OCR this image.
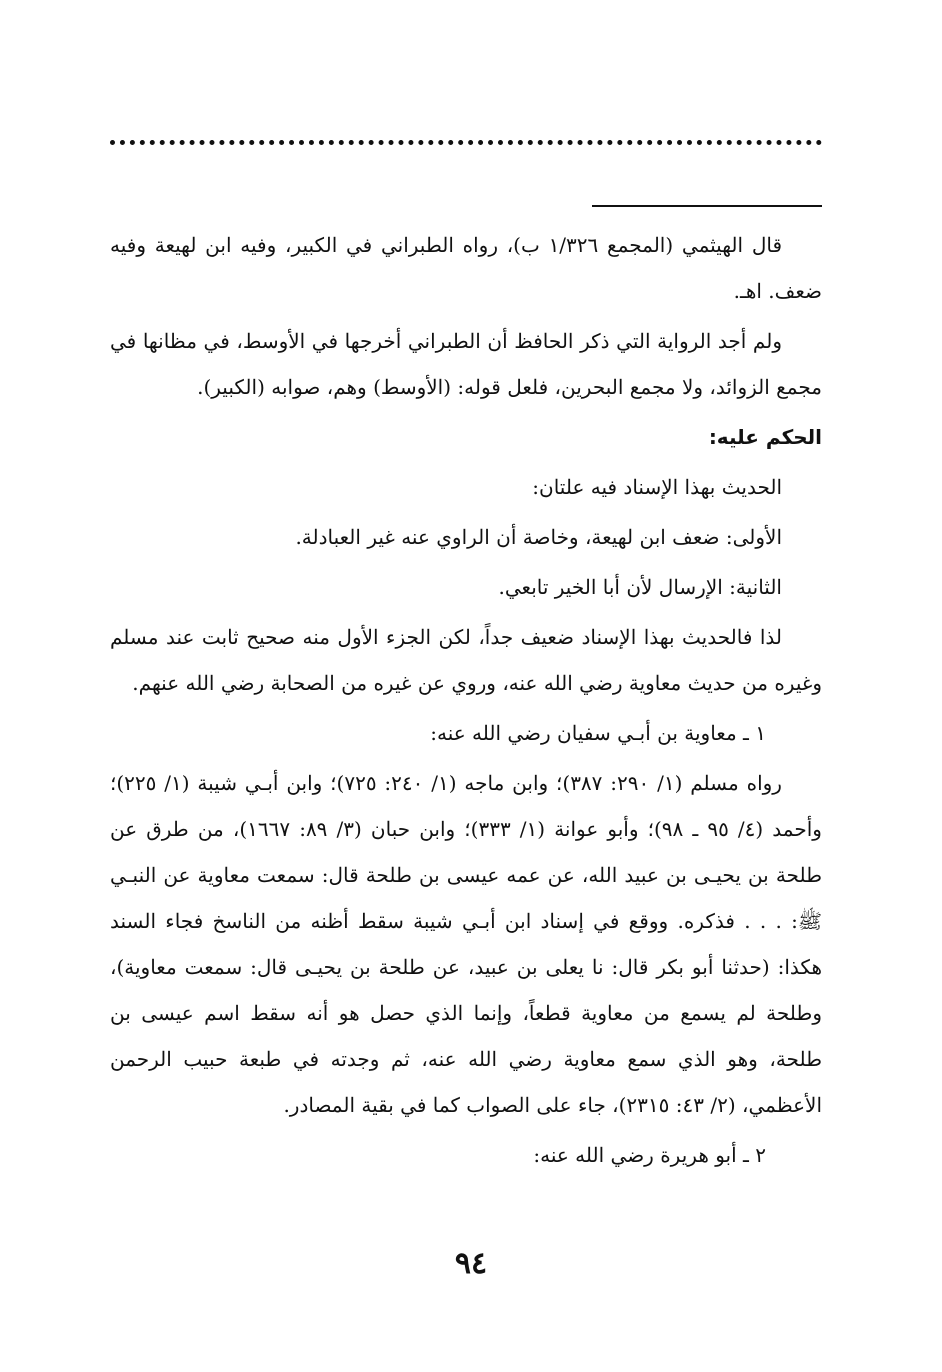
قال الهيثمي (المجمع ١/٣٢٦ ب)، رواه الطبراني في الكبير، وفيه ابن لهيعة وفيه ضعف. اهـ.

ولم أجد الرواية التي ذكر الحافظ أن الطبراني أخرجها في الأوسط، في مظانها في مجمع الزوائد، ولا مجمع البحرين، فلعل قوله: (الأوسط) وهم، صوابه (الكبير).

الحكم عليه:

الحديث بهذا الإسناد فيه علتان:

الأولى: ضعف ابن لهيعة، وخاصة أن الراوي عنه غير العبادلة.

الثانية: الإرسال لأن أبا الخير تابعي.

لذا فالحديث بهذا الإسناد ضعيف جداً، لكن الجزء الأول منه صحيح ثابت عند مسلم وغيره من حديث معاوية رضي الله عنه، وروي عن غيره من الصحابة رضي الله عنهم.

١ ـ معاوية بن أبـي سفيان رضي الله عنه:

رواه مسلم (١/ ٢٩٠: ٣٨٧)؛ وابن ماجه (١/ ٢٤٠: ٧٢٥)؛ وابن أبـي شيبة (١/ ٢٢٥)؛ وأحمد (٤/ ٩٥ ـ ٩٨)؛ وأبو عوانة (١/ ٣٣٣)؛ وابن حبان (٣/ ٨٩: ١٦٦٧)، من طرق عن طلحة بن يحيـى بن عبيد الله، عن عمه عيسى بن طلحة قال: سمعت معاوية عن النبـي ﷺ: . . . فذكره. ووقع في إسناد ابن أبـي شيبة سقط أظنه من الناسخ فجاء السند هكذا: (حدثنا أبو بكر قال: نا يعلى بن عبيد، عن طلحة بن يحيـى قال: سمعت معاوية)، وطلحة لم يسمع من معاوية قطعاً، وإنما الذي حصل هو أنه سقط اسم عيسى بن طلحة، وهو الذي سمع معاوية رضي الله عنه، ثم وجدته في طبعة حبيب الرحمن الأعظمي، (٢/ ٤٣: ٢٣١٥)، جاء على الصواب كما في بقية المصادر.

٢ ـ أبو هريرة رضي الله عنه:

٩٤
